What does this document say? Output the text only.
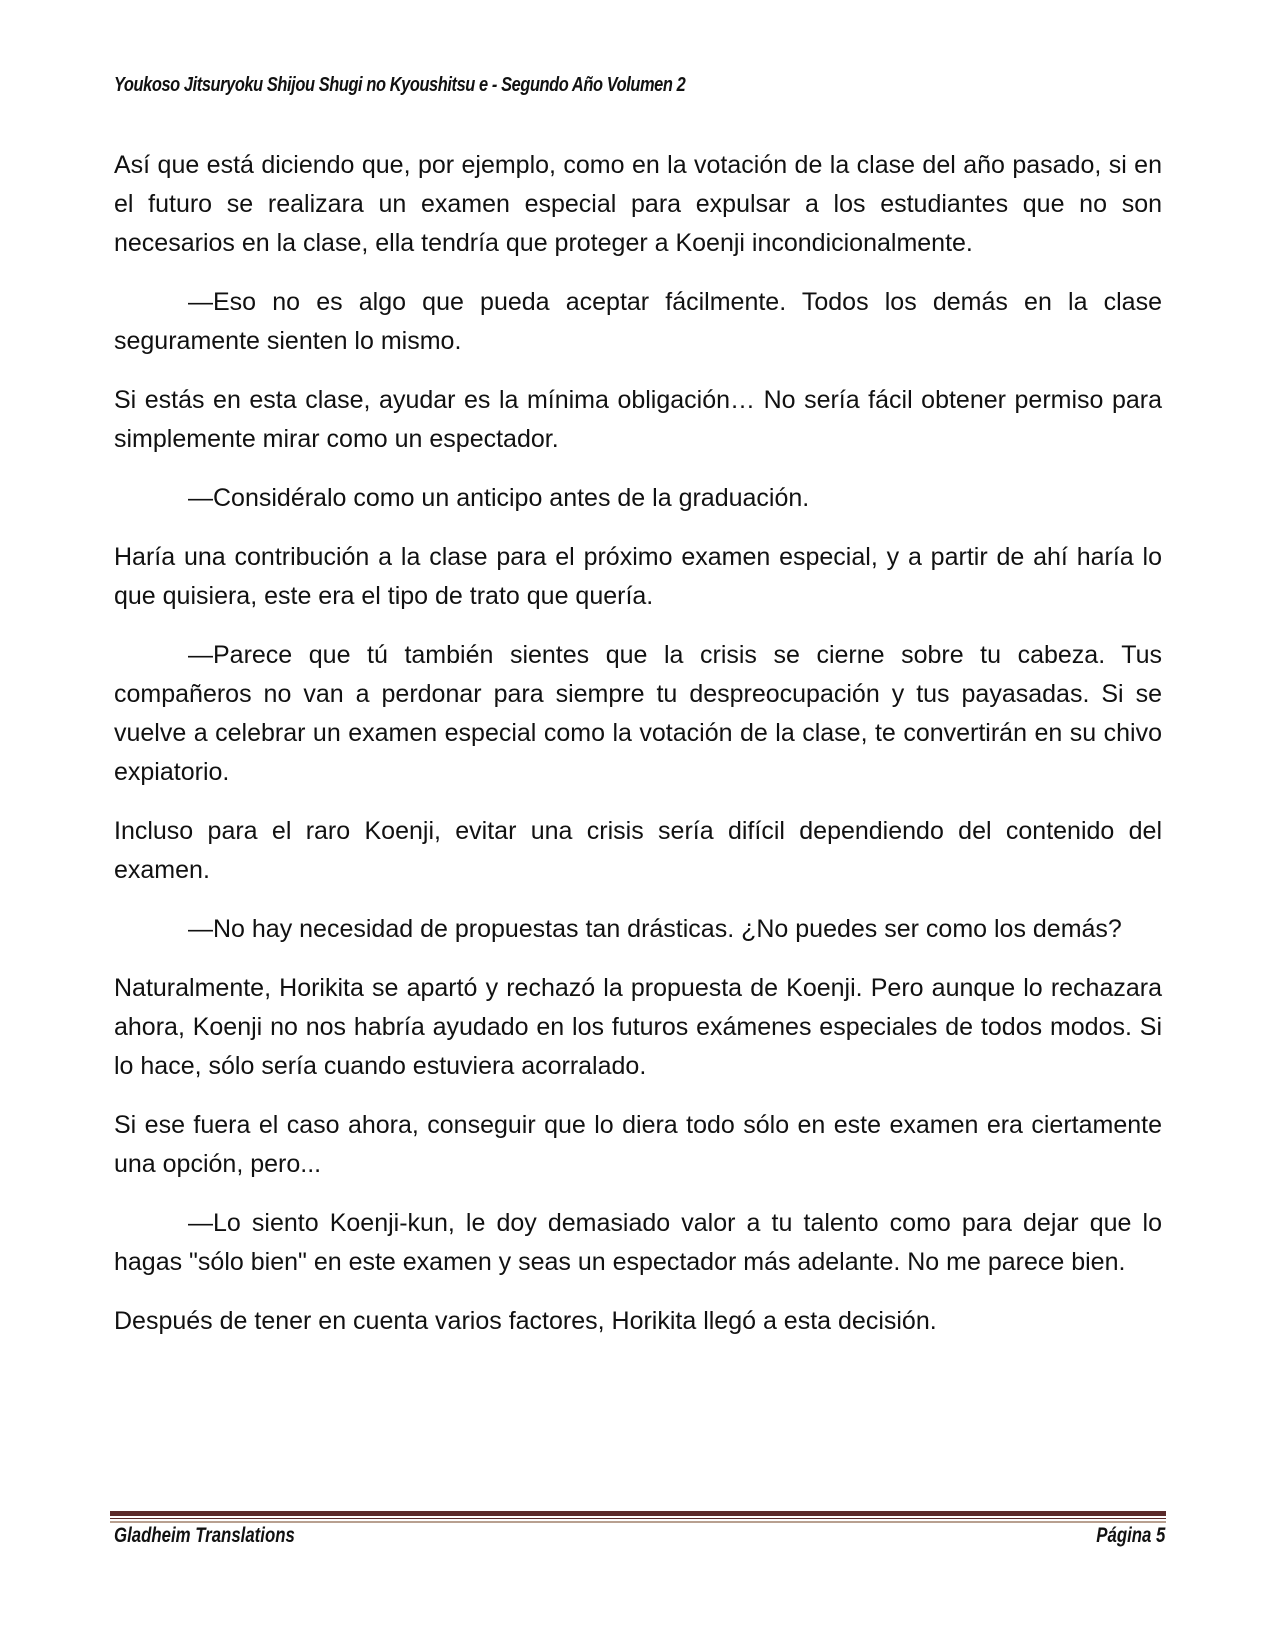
Youkoso Jitsuryoku Shijou Shugi no Kyoushitsu e - Segundo Año Volumen 2

Así que está diciendo que, por ejemplo, como en la votación de la clase del año pasado, si en el futuro se realizara un examen especial para expulsar a los estudiantes que no son necesarios en la clase, ella tendría que proteger a Koenji incondicionalmente.

—Eso no es algo que pueda aceptar fácilmente. Todos los demás en la clase seguramente sienten lo mismo.

Si estás en esta clase, ayudar es la mínima obligación… No sería fácil obtener permiso para simplemente mirar como un espectador.

—Considéralo como un anticipo antes de la graduación.

Haría una contribución a la clase para el próximo examen especial, y a partir de ahí haría lo que quisiera, este era el tipo de trato que quería.

—Parece que tú también sientes que la crisis se cierne sobre tu cabeza. Tus compañeros no van a perdonar para siempre tu despreocupación y tus payasadas. Si se vuelve a celebrar un examen especial como la votación de la clase, te convertirán en su chivo expiatorio.

Incluso para el raro Koenji, evitar una crisis sería difícil dependiendo del contenido del examen.

—No hay necesidad de propuestas tan drásticas. ¿No puedes ser como los demás?

Naturalmente, Horikita se apartó y rechazó la propuesta de Koenji. Pero aunque lo rechazara ahora, Koenji no nos habría ayudado en los futuros exámenes especiales de todos modos. Si lo hace, sólo sería cuando estuviera acorralado.

Si ese fuera el caso ahora, conseguir que lo diera todo sólo en este examen era ciertamente una opción, pero...

—Lo siento Koenji-kun, le doy demasiado valor a tu talento como para dejar que lo hagas "sólo bien" en este examen y seas un espectador más adelante. No me parece bien.

Después de tener en cuenta varios factores, Horikita llegó a esta decisión.

Gladheim Translations	Página 5
